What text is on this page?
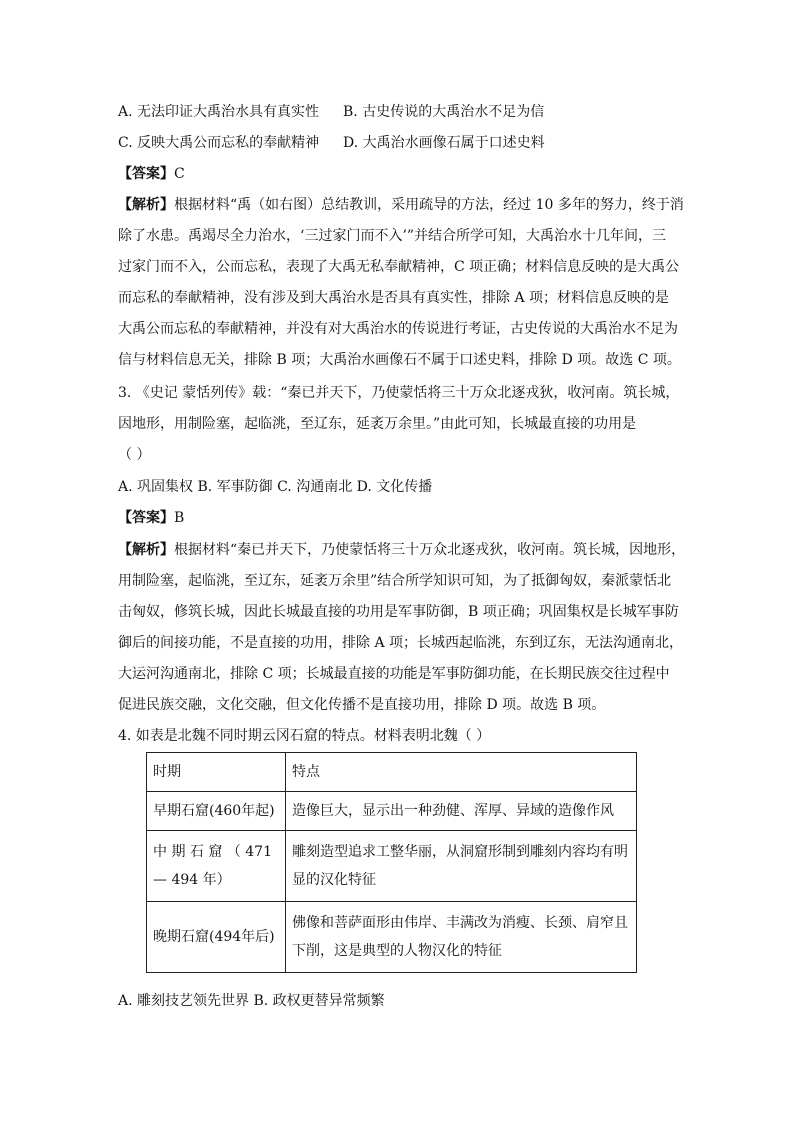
A. 无法印证大禹治水具有真实性 B. 古史传说的大禹治水不足为信
C. 反映大禹公而忘私的奉献精神 D. 大禹治水画像石属于口述史料
【答案】C
【解析】根据材料“禹（如右图）总结教训，采用疏导的方法，经过 10 多年的努力，终于消
除了水患。禹竭尽全力治水，‘三过家门而不入’”并结合所学可知，大禹治水十几年间，三
过家门而不入，公而忘私，表现了大禹无私奉献精神，C 项正确；材料信息反映的是大禹公
而忘私的奉献精神，没有涉及到大禹治水是否具有真实性，排除 A 项；材料信息反映的是
大禹公而忘私的奉献精神，并没有对大禹治水的传说进行考证，古史传说的大禹治水不足为
信与材料信息无关，排除 B 项；大禹治水画像石不属于口述史料，排除 D 项。故选 C 项。
3. 《史记 蒙恬列传》载：“秦已并天下，乃使蒙恬将三十万众北逐戎狄，收河南。筑长城，
因地形，用制险塞，起临洮，至辽东，延袤万余里。”由此可知，长城最直接的功用是
（ ）
A. 巩固集权 B. 军事防御 C. 沟通南北 D. 文化传播
【答案】B
【解析】根据材料“秦已并天下，乃使蒙恬将三十万众北逐戎狄，收河南。筑长城，因地形，
用制险塞，起临洮，至辽东，延袤万余里”结合所学知识可知，为了抵御匈奴，秦派蒙恬北
击匈奴，修筑长城，因此长城最直接的功用是军事防御，B 项正确；巩固集权是长城军事防
御后的间接功能，不是直接的功用，排除 A 项；长城西起临洮，东到辽东，无法沟通南北，
大运河沟通南北，排除 C 项；长城最直接的功能是军事防御功能，在长期民族交往过程中
促进民族交融，文化交融，但文化传播不是直接功用，排除 D 项。故选 B 项。
4. 如表是北魏不同时期云冈石窟的特点。材料表明北魏（ ）
时期	特点
早期石窟(460年起)	造像巨大，显示出一种劲健、浑厚、异域的造像作风
中 期 石 窟 （ 471— 494 年）	雕刻造型追求工整华丽，从洞窟形制到雕刻内容均有明显的汉化特征
晚期石窟(494年后)	佛像和菩萨面形由伟岸、丰满改为消瘦、长颈、肩窄且下削，这是典型的人物汉化的特征
A. 雕刻技艺领先世界 B. 政权更替异常频繁
